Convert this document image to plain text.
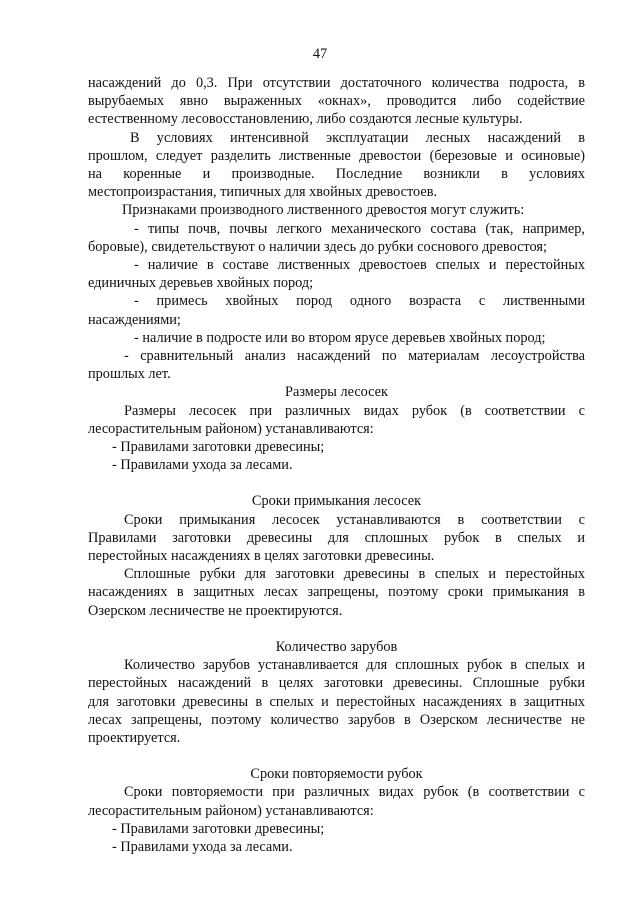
47

насаждений до 0,3. При отсутствии достаточного количества подроста, в

вырубаемых явно выраженных «окнах», проводится либо содействие

естественному лесовосстановлению, либо создаются лесные культуры.

В условиях интенсивной эксплуатации лесных насаждений в

прошлом, следует разделить лиственные древостои (березовые и осиновые)

на коренные и производные. Последние возникли в условиях

местопроизрастания, типичных для хвойных древостоев.

Признаками производного лиственного древостоя могут служить:

- типы почв, почвы легкого механического состава (так, например,

боровые), свидетельствуют о наличии здесь до рубки соснового древостоя;

- наличие в составе лиственных древостоев спелых и перестойных

единичных деревьев хвойных пород;

- примесь хвойных пород одного возраста с лиственными

насаждениями;

- наличие в подросте или во втором ярусе деревьев хвойных пород;

- сравнительный анализ насаждений по материалам лесоустройства

прошлых лет.

Размеры лесосек

Размеры лесосек при различных видах рубок (в соответствии с

лесорастительным районом) устанавливаются:

- Правилами заготовки древесины;

- Правилами ухода за лесами.

Сроки примыкания лесосек

Сроки примыкания лесосек устанавливаются в соответствии с

Правилами заготовки древесины для сплошных рубок в спелых и

перестойных насаждениях в целях заготовки древесины.

Сплошные рубки для заготовки древесины в спелых и перестойных

насаждениях в защитных лесах запрещены, поэтому сроки примыкания в

Озерском лесничестве не проектируются.

Количество зарубов

Количество зарубов устанавливается для сплошных рубок в спелых и

перестойных насаждений в целях заготовки древесины. Сплошные рубки

для заготовки древесины в спелых и перестойных насаждениях в защитных

лесах запрещены, поэтому количество зарубов в Озерском лесничестве не

проектируется.

Сроки повторяемости рубок

Сроки повторяемости при различных видах рубок (в соответствии с

лесорастительным районом) устанавливаются:

- Правилами заготовки древесины;

- Правилами ухода за лесами.
